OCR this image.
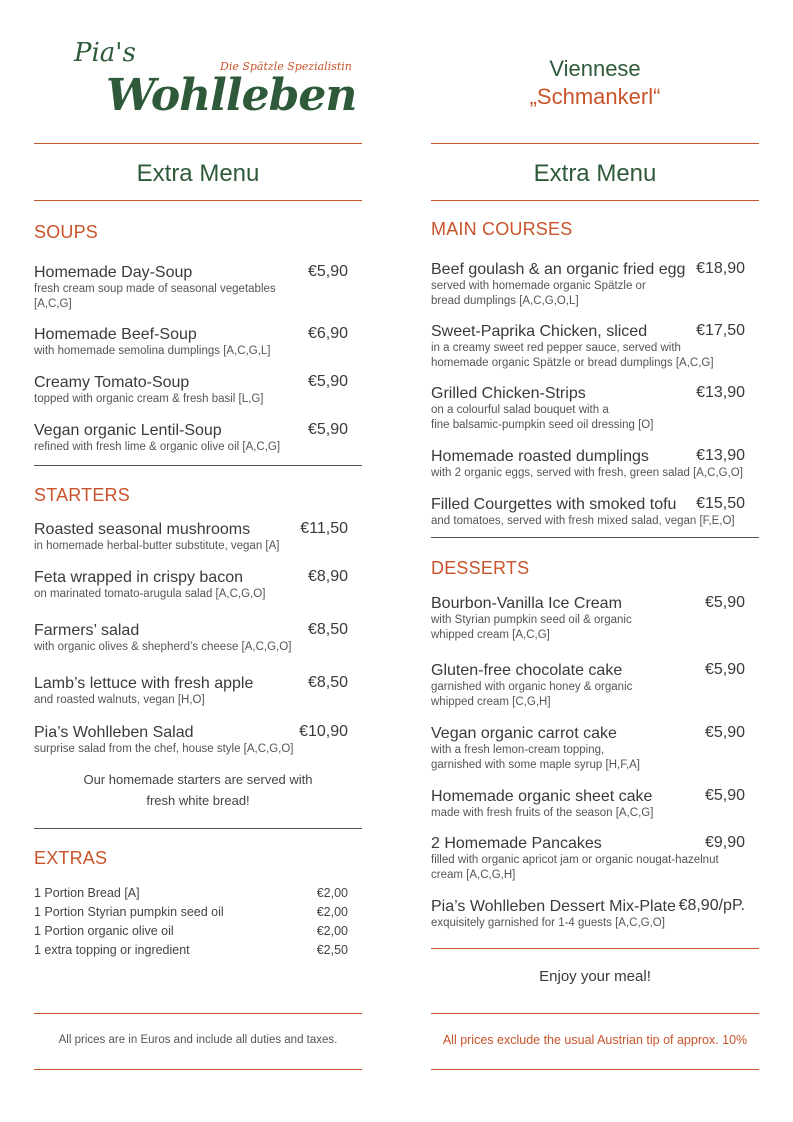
Pia's	Die Spätzle Spezialistin
Wohlleben
Viennese
„Schmankerl“
Extra Menu	Extra Menu
SOUPS
Homemade Day-Soup
fresh cream soup made of seasonal vegetables [A,C,G]
€5,90
Homemade Beef-Soup
with homemade semolina dumplings [A,C,G,L]
€6,90
Creamy Tomato-Soup
topped with organic cream & fresh basil [L,G]
€5,90
Vegan organic Lentil-Soup
refined with fresh lime & organic olive oil [A,C,G]
€5,90
STARTERS
Roasted seasonal mushrooms
in homemade herbal-butter substitute, vegan [A]
€11,50
Feta wrapped in crispy bacon
on marinated tomato-arugula salad [A,C,G,O]
€8,90
Farmers’ salad
with organic olives & shepherd’s cheese [A,C,G,O]
€8,50
Lamb’s lettuce with fresh apple
and roasted walnuts, vegan [H,O]
€8,50
Pia’s Wohlleben Salad
surprise salad from the chef, house style [A,C,G,O]
€10,90
Our homemade starters are served with
fresh white bread!
EXTRAS
1 Portion Bread [A]	€2,00
1 Portion Styrian pumpkin seed oil	€2,00
1 Portion organic olive oil	€2,00
1 extra topping or ingredient	€2,50
All prices are in Euros and include all duties and taxes.
MAIN COURSES
Beef goulash & an organic fried egg
served with homemade organic Spätzle or
bread dumplings [A,C,G,O,L]
€18,90
Sweet-Paprika Chicken, sliced
in a creamy sweet red pepper sauce, served with
homemade organic Spätzle or bread dumplings [A,C,G]
€17,50
Grilled Chicken-Strips
on a colourful salad bouquet with a
fine balsamic-pumpkin seed oil dressing [O]
€13,90
Homemade roasted dumplings
with 2 organic eggs, served with fresh, green salad [A,C,G,O]
€13,90
Filled Courgettes with smoked tofu
and tomatoes, served with fresh mixed salad, vegan [F,E,O]
€15,50
DESSERTS
Bourbon-Vanilla Ice Cream
with Styrian pumpkin seed oil & organic
whipped cream [A,C,G]
€5,90
Gluten-free chocolate cake
garnished with organic honey & organic
whipped cream [C,G,H]
€5,90
Vegan organic carrot cake
with a fresh lemon-cream topping,
garnished with some maple syrup [H,F,A]
€5,90
Homemade organic sheet cake
made with fresh fruits of the season [A,C,G]
€5,90
2 Homemade Pancakes
filled with organic apricot jam or organic nougat-hazelnut
cream [A,C,G,H]
€9,90
Pia’s Wohlleben Dessert Mix-Plate
exquisitely garnished for 1-4 guests [A,C,G,O]
€8,90/pP.
Enjoy your meal!
All prices exclude the usual Austrian tip of approx. 10%
